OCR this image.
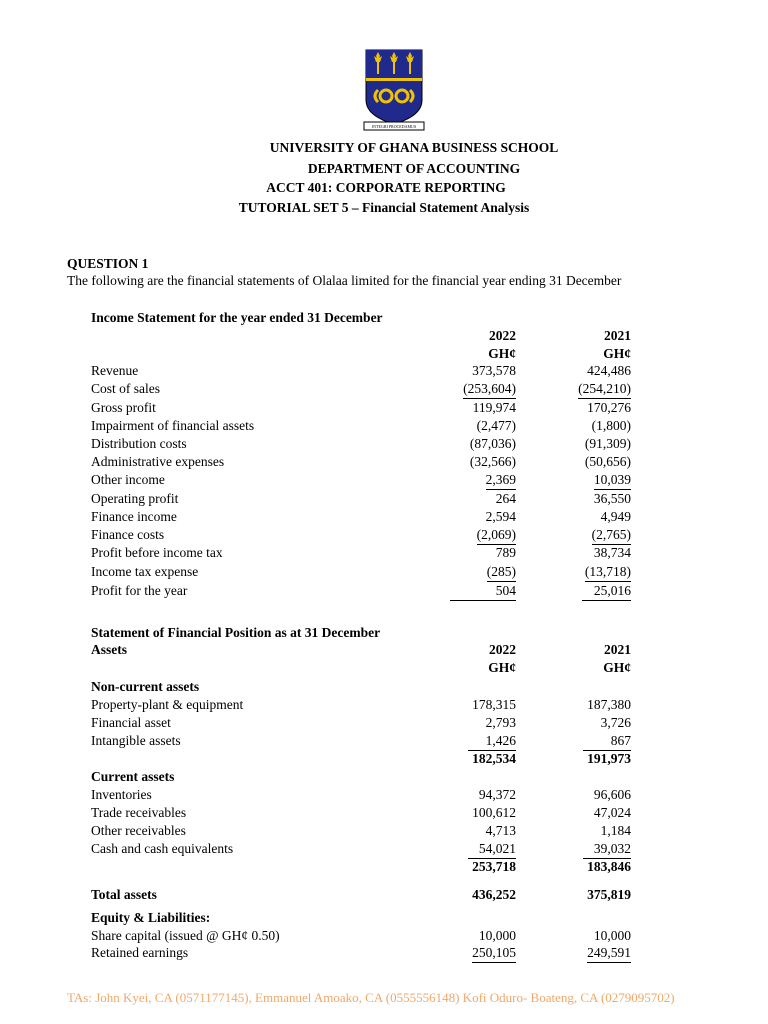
INTEGRI PROCEDAMUS
UNIVERSITY OF GHANA BUSINESS SCHOOL
DEPARTMENT OF ACCOUNTING
ACCT 401: CORPORATE REPORTING
TUTORIAL SET 5 – Financial Statement Analysis
QUESTION 1
The following are the financial statements of Olalaa limited for the financial year ending 31 December
Income Statement for the year ended 31 December
2022	2021
GH¢	GH¢
Revenue	373,578	424,486
Cost of sales	(253,604)	(254,210)
Gross profit	119,974	170,276
Impairment of financial assets	(2,477)	(1,800)
Distribution costs	(87,036)	(91,309)
Administrative expenses	(32,566)	(50,656)
Other income	2,369	10,039
Operating profit	264	36,550
Finance income	2,594	4,949
Finance costs	(2,069)	(2,765)
Profit before income tax	789	38,734
Income tax expense	(285)	(13,718)
Profit for the year	504	25,016
Statement of Financial Position as at 31 December
Assets	2022	2021
GH¢	GH¢
Non-current assets
Property-plant & equipment	178,315	187,380
Financial asset	2,793	3,726
Intangible assets	1,426	867
182,534	191,973
Current assets
Inventories	94,372	96,606
Trade receivables	100,612	47,024
Other receivables	4,713	1,184
Cash and cash equivalents	54,021	39,032
253,718	183,846
Total assets	436,252	375,819
Equity & Liabilities:
Share capital (issued @ GH¢ 0.50)	10,000	10,000
Retained earnings	250,105	249,591
TAs: John Kyei, CA (0571177145), Emmanuel Amoako, CA (0555556148) Kofi Oduro- Boateng, CA (0279095702)
